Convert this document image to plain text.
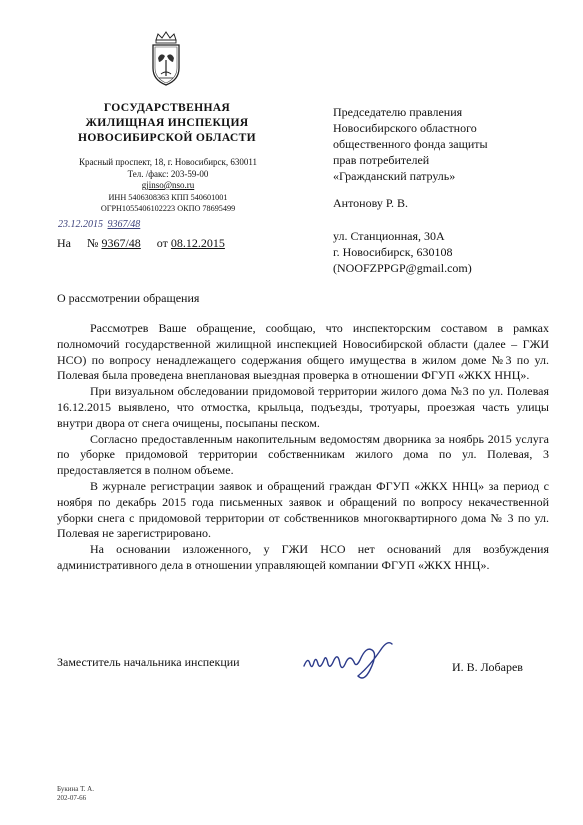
ГОСУДАРСТВЕННАЯ
ЖИЛИЩНАЯ ИНСПЕКЦИЯ
НОВОСИБИРСКОЙ ОБЛАСТИ
Красный проспект, 18, г. Новосибирск, 630011
Тел. /факс: 203-59-00
gjinso@nso.ru
ИНН 5406308363 КПП 540601001
ОГРН1055406102223 ОКПО 78695499
23.12.2015 9367/48
На № 9367/48 от 08.12.2015
Председателю правления
Новосибирского областного
общественного фонда защиты
прав потребителей
«Гражданский патруль»
Антонову Р. В.
ул. Станционная, 30А
г. Новосибирск, 630108
(NOOFZPPGP@gmail.com)
О рассмотрении обращения

Рассмотрев Ваше обращение, сообщаю, что инспекторским составом в рамках полномочий государственной жилищной инспекцией Новосибирской области (далее – ГЖИ НСО) по вопросу ненадлежащего содержания общего имущества в жилом доме №3 по ул. Полевая была проведена внеплановая выездная проверка в отношении ФГУП «ЖКХ ННЦ».

При визуальном обследовании придомовой территории жилого дома №3 по ул. Полевая 16.12.2015 выявлено, что отмостка, крыльца, подъезды, тротуары, проезжая часть улицы внутри двора от снега очищены, посыпаны песком.

Согласно предоставленным накопительным ведомостям дворника за ноябрь 2015 услуга по уборке придомовой территории собственникам жилого дома по ул. Полевая, 3 предоставляется в полном объеме.

В журнале регистрации заявок и обращений граждан ФГУП «ЖКХ ННЦ» за период с ноября по декабрь 2015 года письменных заявок и обращений по вопросу некачественной уборки снега с придомовой территории от собственников многоквартирного дома № 3 по ул. Полевая не зарегистрировано.

На основании изложенного, у ГЖИ НСО нет оснований для возбуждения административного дела в отношении управляющей компании ФГУП «ЖКХ ННЦ».

Заместитель начальника инспекции	И. В. Лобарев
Букина Т. А.
202-07-66
